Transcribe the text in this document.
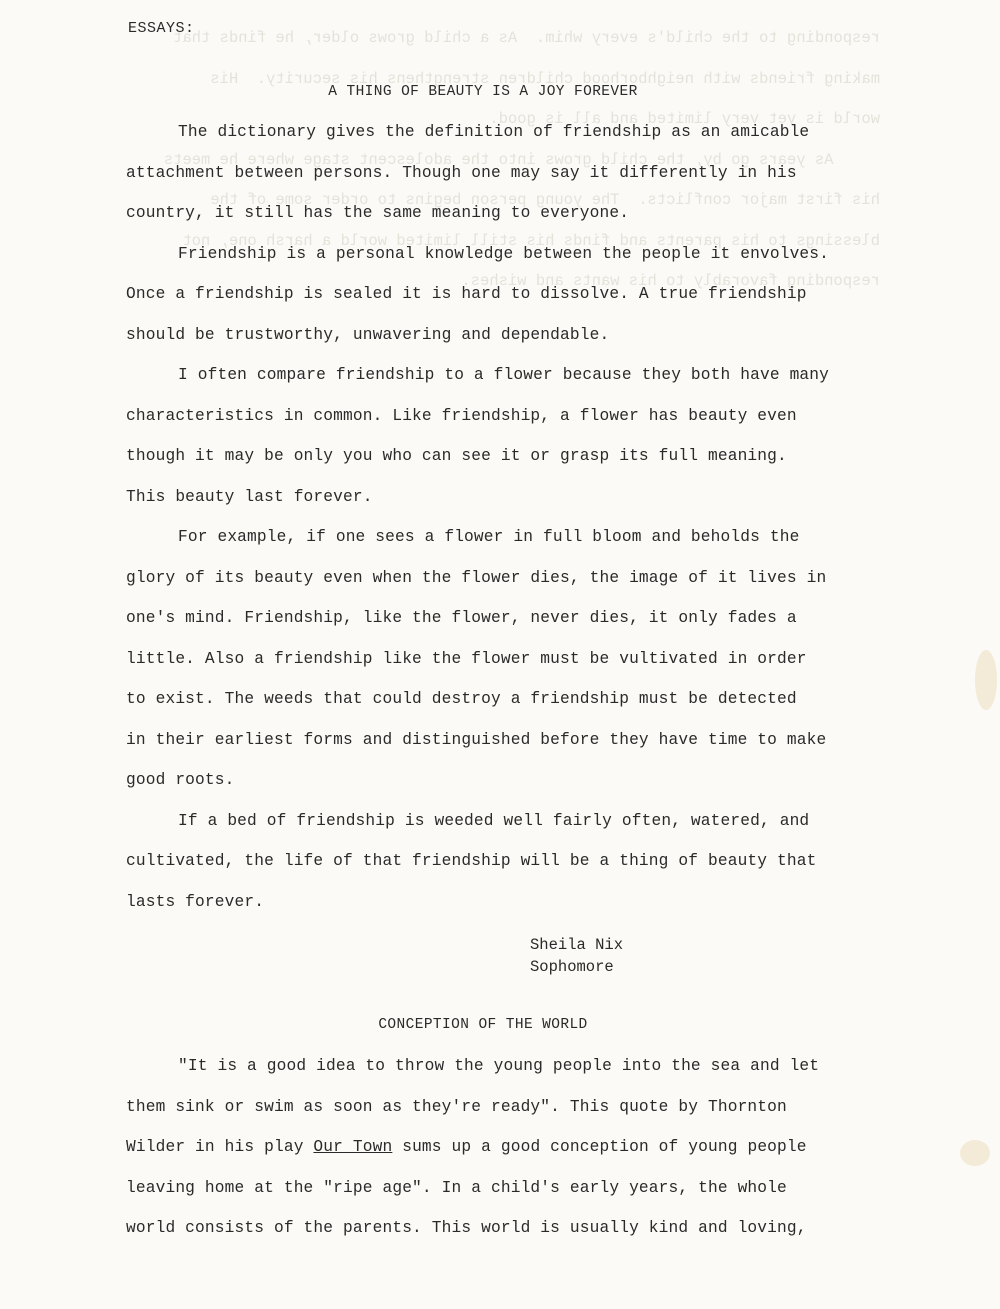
responding to the child's every whim.  As a child grows older, he finds that
making friends with neighborhood children strengthens his security.  His
world is yet very limited and all is good.
As years go by, the child grows into the adolescent stage where he meets
his first major conflicts.  The young person begins to order some of the
blessings to his parents and finds his still limited world a harsh one, not
responding favorably to his wants and wishes.
ESSAYS:
A THING OF BEAUTY IS A JOY FOREVER
The dictionary gives the definition of friendship as an amicable
attachment between persons. Though one may say it differently in his
country, it still has the same meaning to everyone.
Friendship is a personal knowledge between the people it envolves.
Once a friendship is sealed it is hard to dissolve. A true friendship
should be trustworthy, unwavering and dependable.
I often compare friendship to a flower because they both have many
characteristics in common. Like friendship, a flower has beauty even
though it may be only you who can see it or grasp its full meaning.
This beauty last forever.
For example, if one sees a flower in full bloom and beholds the
glory of its beauty even when the flower dies, the image of it lives in
one's mind. Friendship, like the flower, never dies, it only fades a
little. Also a friendship like the flower must be vultivated in order
to exist. The weeds that could destroy a friendship must be detected
in their earliest forms and distinguished before they have time to make
good roots.
If a bed of friendship is weeded well fairly often, watered, and
cultivated, the life of that friendship will be a thing of beauty that
lasts forever.
Sheila Nix
Sophomore
CONCEPTION OF THE WORLD
"It is a good idea to throw the young people into the sea and let
them sink or swim as soon as they're ready". This quote by Thornton
Wilder in his play Our Town sums up a good conception of young people
leaving home at the "ripe age". In a child's early years, the whole
world consists of the parents. This world is usually kind and loving,
